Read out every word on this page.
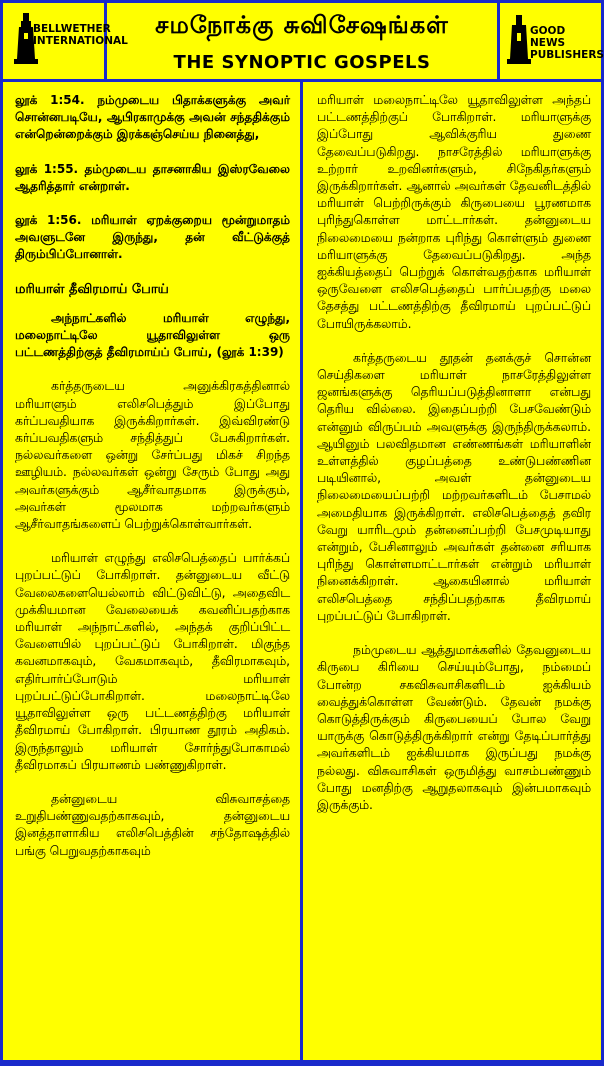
BELLWETHER INTERNATIONAL
சமநோக்கு சுவிசேஷங்கள்
THE SYNOPTIC GOSPELS
GOOD NEWS PUBLISHERS

லூக் 1:54. நம்முடைய பிதாக்களுக்கு அவர் சொன்னபடியே, ஆபிரகாமுக்கு அவன் சந்ததிக்கும் என்றென்றைக்கும் இரக்கஞ்செய்ய நினைத்து,

லூக் 1:55. தம்முடைய தாசனாகிய இஸ்ரவேலை ஆதரித்தார் என்றாள்.

லூக் 1:56. மரியாள் ஏறக்குறைய மூன்றுமாதம் அவளுடனே இருந்து, தன் வீட்டுக்குத் திரும்பிப்போனாள்.

மரியாள் தீவிரமாய் போய்

அந்நாட்களில் மரியாள் எழுந்து, மலைநாட்டிலே யூதாவிலுள்ள ஒரு பட்டணத்திற்குத் தீவிரமாய்ப் போய், (லூக் 1:39)

கர்த்தருடைய அனுக்கிரகத்தினால் மரியாளும் எலிசபெத்தும் இப்போது கர்ப்பவதியாக இருக்கிறார்கள். இவ்விரண்டு கர்ப்பவதிகளும் சந்தித்துப் பேசுகிறார்கள். நல்லவர்களை ஒன்று சேர்ப்பது மிகச் சிறந்த ஊழியம். நல்லவர்கள் ஒன்று சேரும் போது அது அவர்களுக்கும் ஆசீர்வாதமாக இருக்கும், அவர்கள் மூலமாக மற்றவர்களும் ஆசீர்வாதங்களைப் பெற்றுக்கொள்வார்கள்.

மரியாள் எழுந்து எலிசபெத்தைப் பார்க்கப் புறப்பட்டுப் போகிறாள். தன்னுடைய வீட்டு வேலைகளையெல்லாம் விட்டுவிட்டு, அதைவிட முக்கியமான வேலையைக் கவனிப்பதற்காக மரியாள் அந்நாட்களில், அந்தக் குறிப்பிட்ட வேளையில் புறப்பட்டுப் போகிறாள். மிகுந்த கவனமாகவும், வேகமாகவும், தீவிரமாகவும், எதிர்பார்ப்போடும் மரியாள் புறப்பட்டுப்போகிறாள். மலைநாட்டிலே யூதாவிலுள்ள ஒரு பட்டணத்திற்கு மரியாள் தீவிரமாய் போகிறாள். பிரயாண தூரம் அதிகம். இருந்தாலும் மரியாள் சோர்ந்துபோகாமல் தீவிரமாகப் பிரயாணம் பண்ணுகிறாள்.

தன்னுடைய விசுவாசத்தை உறுதிபண்ணுவதற்காகவும், தன்னுடைய இனத்தாளாகிய எலிசபெத்தின் சந்தோஷத்தில் பங்கு பெறுவதற்காகவும்

மரியாள் மலைநாட்டிலே யூதாவிலுள்ள அந்தப் பட்டணத்திற்குப் போகிறாள். மரியாளுக்கு இப்போது ஆவிக்குரிய துணை தேவைப்படுகிறது. நாசரேத்தில் மரியாளுக்கு உற்றார் உறவினர்களும், சிநேகிதர்களும் இருக்கிறார்கள். ஆனால் அவர்கள் தேவனிடத்தில் மரியாள் பெற்றிருக்கும் கிருபையை பூரணமாக புரிந்துகொள்ள மாட்டார்கள். தன்னுடைய நிலைமையை நன்றாக புரிந்து கொள்ளும் துணை மரியாளுக்கு தேவைப்படுகிறது. அந்த ஐக்கியத்தைப் பெற்றுக் கொள்வதற்காக மரியாள் ஒருவேளை எலிசபெத்தைப் பார்ப்பதற்கு மலை தேசத்து பட்டணத்திற்கு தீவிரமாய் புறப்பட்டுப் போயிருக்கலாம்.

கர்த்தருடைய தூதன் தனக்குச் சொன்ன செய்திகளை மரியாள் நாசரேத்திலுள்ள ஜனங்களுக்கு தெரியப்படுத்தினாளா என்பது தெரிய வில்லை. இதைப்பற்றி பேசவேண்டும் என்னும் விருப்பம் அவளுக்கு இருந்திருக்கலாம். ஆயினும் பலவிதமான எண்ணங்கள் மரியாளின் உள்ளத்தில் குழப்பத்தை உண்டுபண்ணின படியினால், அவள் தன்னுடைய நிலைமையைப்பற்றி மற்றவர்களிடம் பேசாமல் அமைதியாக இருக்கிறாள். எலிசபெத்தைத் தவிர வேறு யாரிடமும் தன்னைப்பற்றி பேசமுடியாது என்றும், பேசினாலும் அவர்கள் தன்னை சரியாக புரிந்து கொள்ளமாட்டார்கள் என்றும் மரியாள் நினைக்கிறாள். ஆகையினால் மரியாள் எலிசபெத்தை சந்திப்பதற்காக தீவிரமாய் புறப்பட்டுப் போகிறாள்.

நம்முடைய ஆத்துமாக்களில் தேவனுடைய கிருபை கிரியை செய்யும்போது, நம்மைப் போன்ற சகவிசுவாசிகளிடம் ஐக்கியம் வைத்துக்கொள்ள வேண்டும். தேவன் நமக்கு கொடுத்திருக்கும் கிருபையைப் போல வேறு யாருக்கு கொடுத்திருக்கிறார் என்று தேடிப்பார்த்து அவர்களிடம் ஐக்கியமாக இருப்பது நமக்கு நல்லது. விசுவாசிகள் ஒருமித்து வாசம்பண்ணும் போது மனதிற்கு ஆறுதலாகவும் இன்பமாகவும் இருக்கும்.
